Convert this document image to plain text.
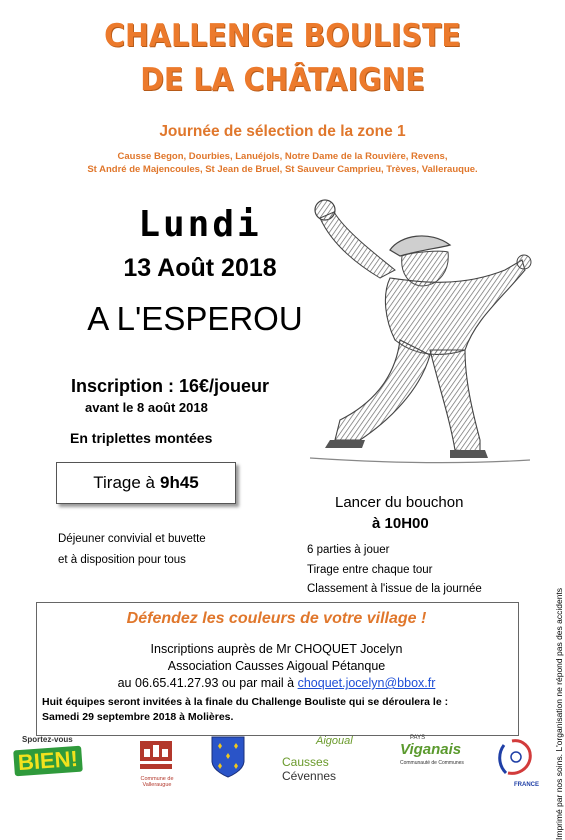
CHALLENGE BOULISTE
DE LA CHÂTAIGNE
Journée de sélection de la zone 1
Causse Begon, Dourbies, Lanuéjols, Notre Dame de la Rouvière, Revens,
St André de Majencoules, St Jean de Bruel, St Sauveur Camprieu, Trèves, Vallerauque.
Lundi
13 Août 2018
A L'ESPEROU
Inscription : 16€/joueur
avant le 8 août 2018
En triplettes montées
Tirage à 9h45
Déjeuner convivial et buvette
et à disposition pour tous
Lancer du bouchon
à 10H00
6 parties à jouer
Tirage entre chaque tour
Classement à l'issue de la journée
Défendez les couleurs de votre village !
Inscriptions auprès de Mr CHOQUET Jocelyn
Association Causses Aigoual Pétanque
au 06.65.41.27.93 ou par mail à choquet.jocelyn@bbox.fr
Huit équipes seront invitées à la finale du Challenge Bouliste qui se déroulera le :
Samedi 29 septembre 2018 à Molières.	Imprimé par nos soins. L'organisation ne répond pas des accidents
Sportez-vous
BIEN!
Commune de Valleraugue
Aigoual
Causses Cévennes
PAYS
Viganais
Communauté de Communes
FRANCE
